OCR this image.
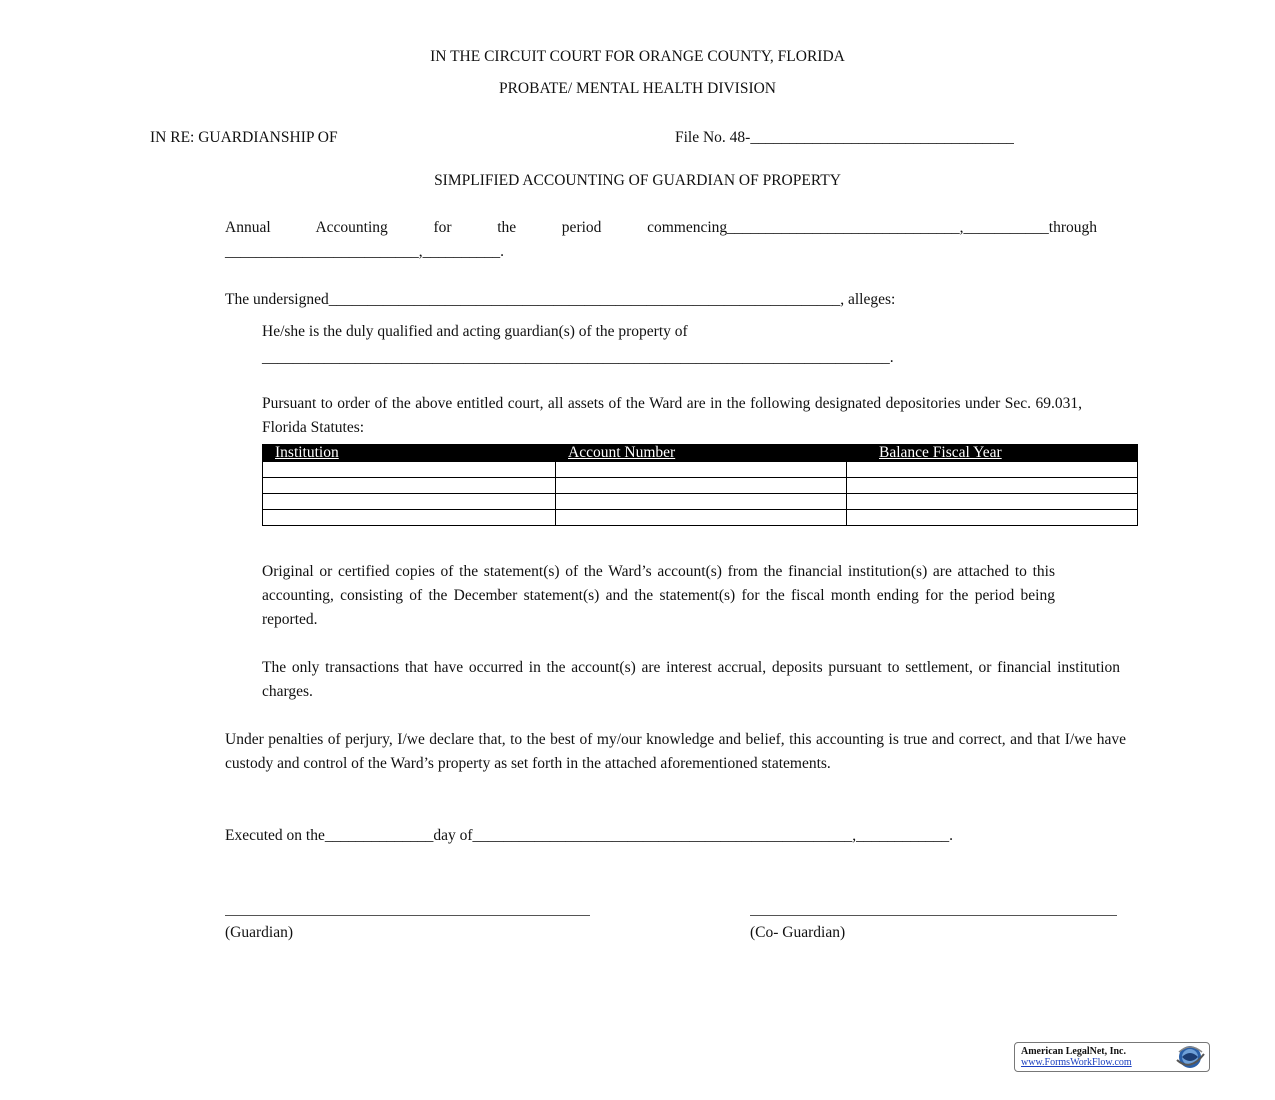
IN THE CIRCUIT COURT FOR ORANGE COUNTY, FLORIDA
PROBATE/ MENTAL HEALTH DIVISION
IN RE: GUARDIANSHIP OF	File No. 48-__________________________________
SIMPLIFIED ACCOUNTING OF GUARDIAN OF PROPERTY
Annual Accounting for the period commencing______________________________,___________through
_________________________,__________.
The undersigned__________________________________________________________________, alleges:
He/she is the duly qualified and acting guardian(s) of the property of
_________________________________________________________________________________.
Pursuant to order of the above entitled court, all assets of the Ward are in the following designated depositories under Sec. 69.031, Florida Statutes:
Institution	Account Number	Balance Fiscal Year

Original or certified copies of the statement(s) of the Ward’s account(s) from the financial institution(s) are attached to this accounting, consisting of the December statement(s) and the statement(s) for the fiscal month ending for the period being reported.
The only transactions that have occurred in the account(s) are interest accrual, deposits pursuant to settlement, or financial institution charges.
Under penalties of perjury, I/we declare that, to the best of my/our knowledge and belief, this accounting is true and correct, and that I/we have custody and control of the Ward’s property as set forth in the attached aforementioned statements.
Executed on the______________day of_________________________________________________,____________.
(Guardian)	(Co- Guardian)
American LegalNet, Inc.
www.FormsWorkFlow.com
